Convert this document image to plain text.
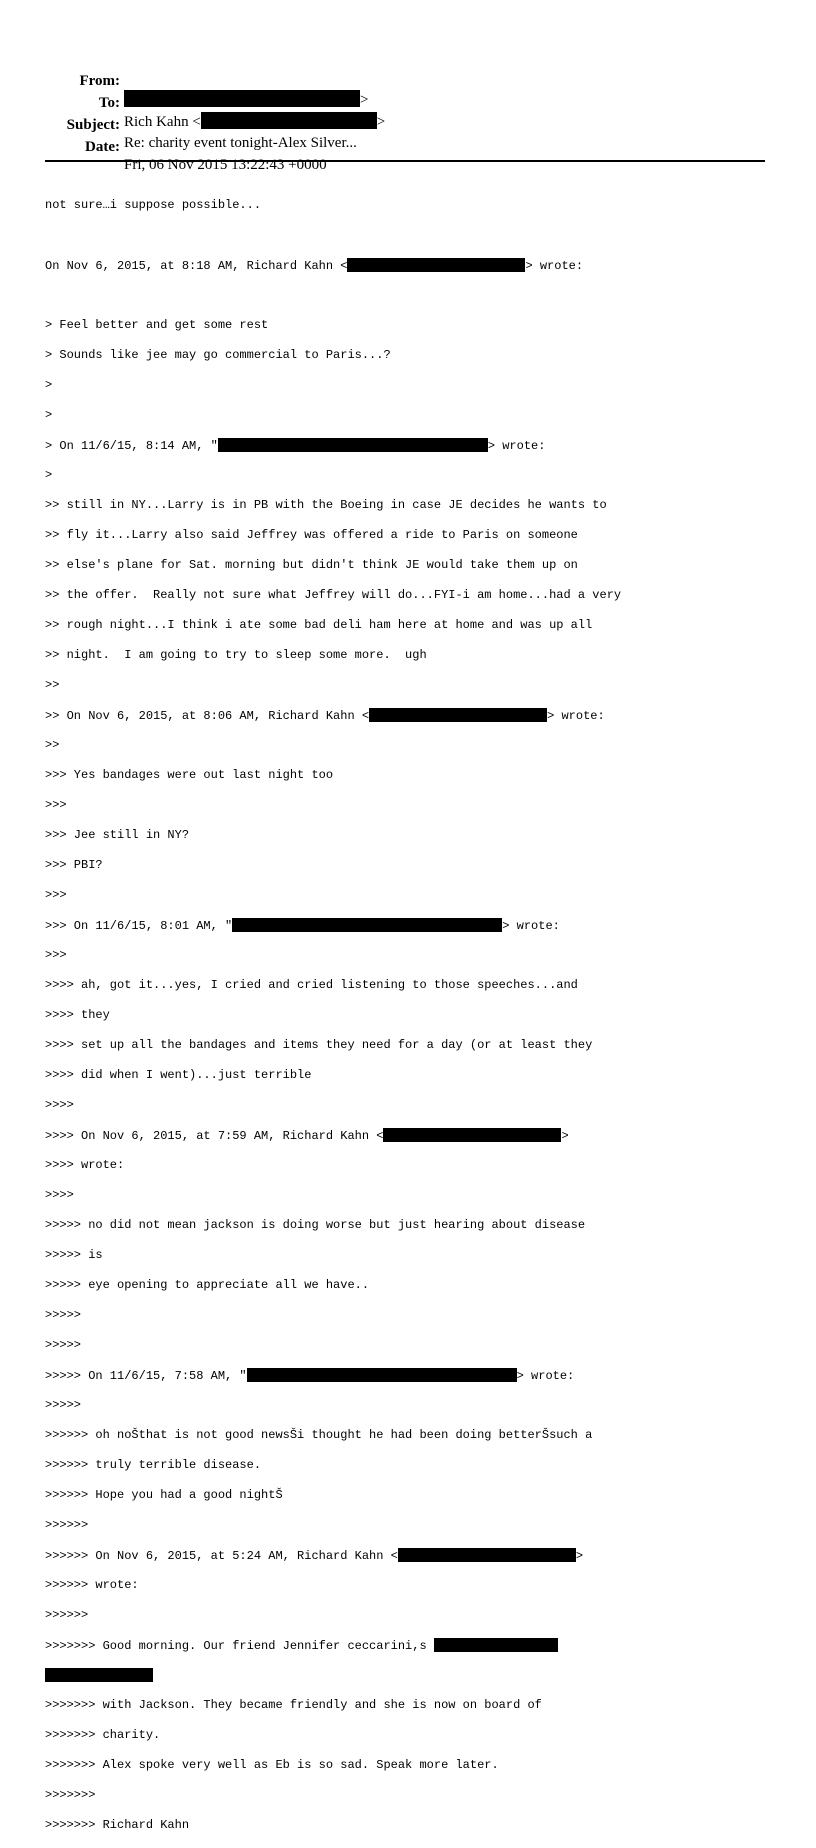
From:

>

To:

Rich Kahn <	>

Subject:

Re: charity event tonight-Alex Silver...

Date:

Fri, 06 Nov 2015 13:22:43 +0000

not sure…i suppose possible...

On Nov 6, 2015, at 8:18 AM, Richard Kahn <	> wrote:

> Feel better and get some rest

> Sounds like jee may go commercial to Paris...?

>

>

> On 11/6/15, 8:14 AM, "	> wrote:

>

>> still in NY...Larry is in PB with the Boeing in case JE decides he wants to

>> fly it...Larry also said Jeffrey was offered a ride to Paris on someone

>> else's plane for Sat. morning but didn't think JE would take them up on

>> the offer.  Really not sure what Jeffrey will do...FYI-i am home...had a very

>> rough night...I think i ate some bad deli ham here at home and was up all

>> night.  I am going to try to sleep some more.  ugh

>>

>> On Nov 6, 2015, at 8:06 AM, Richard Kahn <	> wrote:

>>

>>> Yes bandages were out last night too

>>>

>>> Jee still in NY?

>>> PBI?

>>>

>>> On 11/6/15, 8:01 AM, "	> wrote:

>>>

>>>> ah, got it...yes, I cried and cried listening to those speeches...and

>>>> they

>>>> set up all the bandages and items they need for a day (or at least they

>>>> did when I went)...just terrible

>>>>

>>>> On Nov 6, 2015, at 7:59 AM, Richard Kahn <	>

>>>> wrote:

>>>>

>>>>> no did not mean jackson is doing worse but just hearing about disease

>>>>> is

>>>>> eye opening to appreciate all we have..

>>>>>

>>>>>

>>>>> On 11/6/15, 7:58 AM, "	> wrote:

>>>>>

>>>>>> oh noŠthat is not good newsŠi thought he had been doing betterŠsuch a

>>>>>> truly terrible disease.

>>>>>> Hope you had a good nightŠ

>>>>>>

>>>>>> On Nov 6, 2015, at 5:24 AM, Richard Kahn <	>

>>>>>> wrote:

>>>>>>

>>>>>>> Good morning. Our friend Jennifer ceccarini,s

>>>>>>> with Jackson. They became friendly and she is now on board of

>>>>>>> charity.

>>>>>>> Alex spoke very well as Eb is so sad. Speak more later.

>>>>>>>

>>>>>>> Richard Kahn
